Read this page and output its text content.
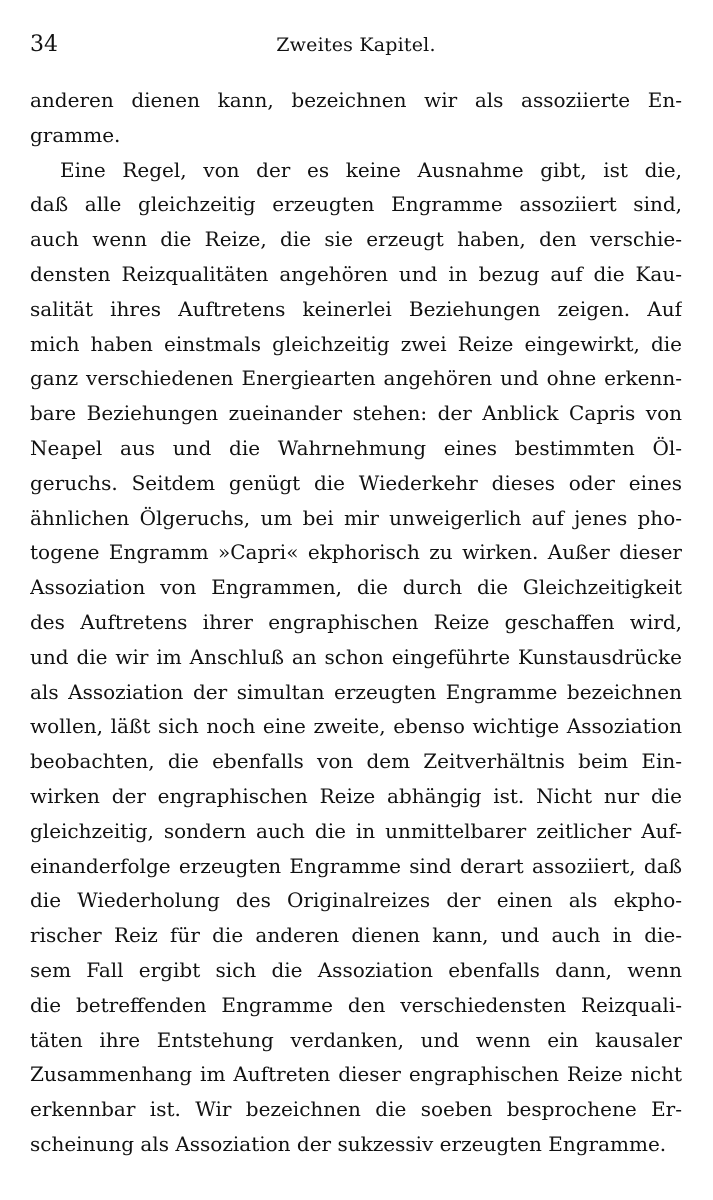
34	Zweites Kapitel.
anderen dienen kann, bezeichnen wir als assoziierte En-
gramme.
Eine Regel, von der es keine Ausnahme gibt, ist die,
daß alle gleichzeitig erzeugten Engramme assoziiert sind,
auch wenn die Reize, die sie erzeugt haben, den verschie-
densten Reizqualitäten angehören und in bezug auf die Kau-
salität ihres Auftretens keinerlei Beziehungen zeigen. Auf
mich haben einstmals gleichzeitig zwei Reize eingewirkt, die
ganz verschiedenen Energiearten angehören und ohne erkenn-
bare Beziehungen zueinander stehen: der Anblick Capris von
Neapel aus und die Wahrnehmung eines bestimmten Öl-
geruchs. Seitdem genügt die Wiederkehr dieses oder eines
ähnlichen Ölgeruchs, um bei mir unweigerlich auf jenes pho-
togene Engramm »Capri« ekphorisch zu wirken. Außer dieser
Assoziation von Engrammen, die durch die Gleichzeitigkeit
des Auftretens ihrer engraphischen Reize geschaffen wird,
und die wir im Anschluß an schon eingeführte Kunstausdrücke
als Assoziation der simultan erzeugten Engramme bezeichnen
wollen, läßt sich noch eine zweite, ebenso wichtige Assoziation
beobachten, die ebenfalls von dem Zeitverhältnis beim Ein-
wirken der engraphischen Reize abhängig ist. Nicht nur die
gleichzeitig, sondern auch die in unmittelbarer zeitlicher Auf-
einanderfolge erzeugten Engramme sind derart assoziiert, daß
die Wiederholung des Originalreizes der einen als ekpho-
rischer Reiz für die anderen dienen kann, und auch in die-
sem Fall ergibt sich die Assoziation ebenfalls dann, wenn
die betreffenden Engramme den verschiedensten Reizquali-
täten ihre Entstehung verdanken, und wenn ein kausaler
Zusammenhang im Auftreten dieser engraphischen Reize nicht
erkennbar ist. Wir bezeichnen die soeben besprochene Er-
scheinung als Assoziation der sukzessiv erzeugten Engramme.
